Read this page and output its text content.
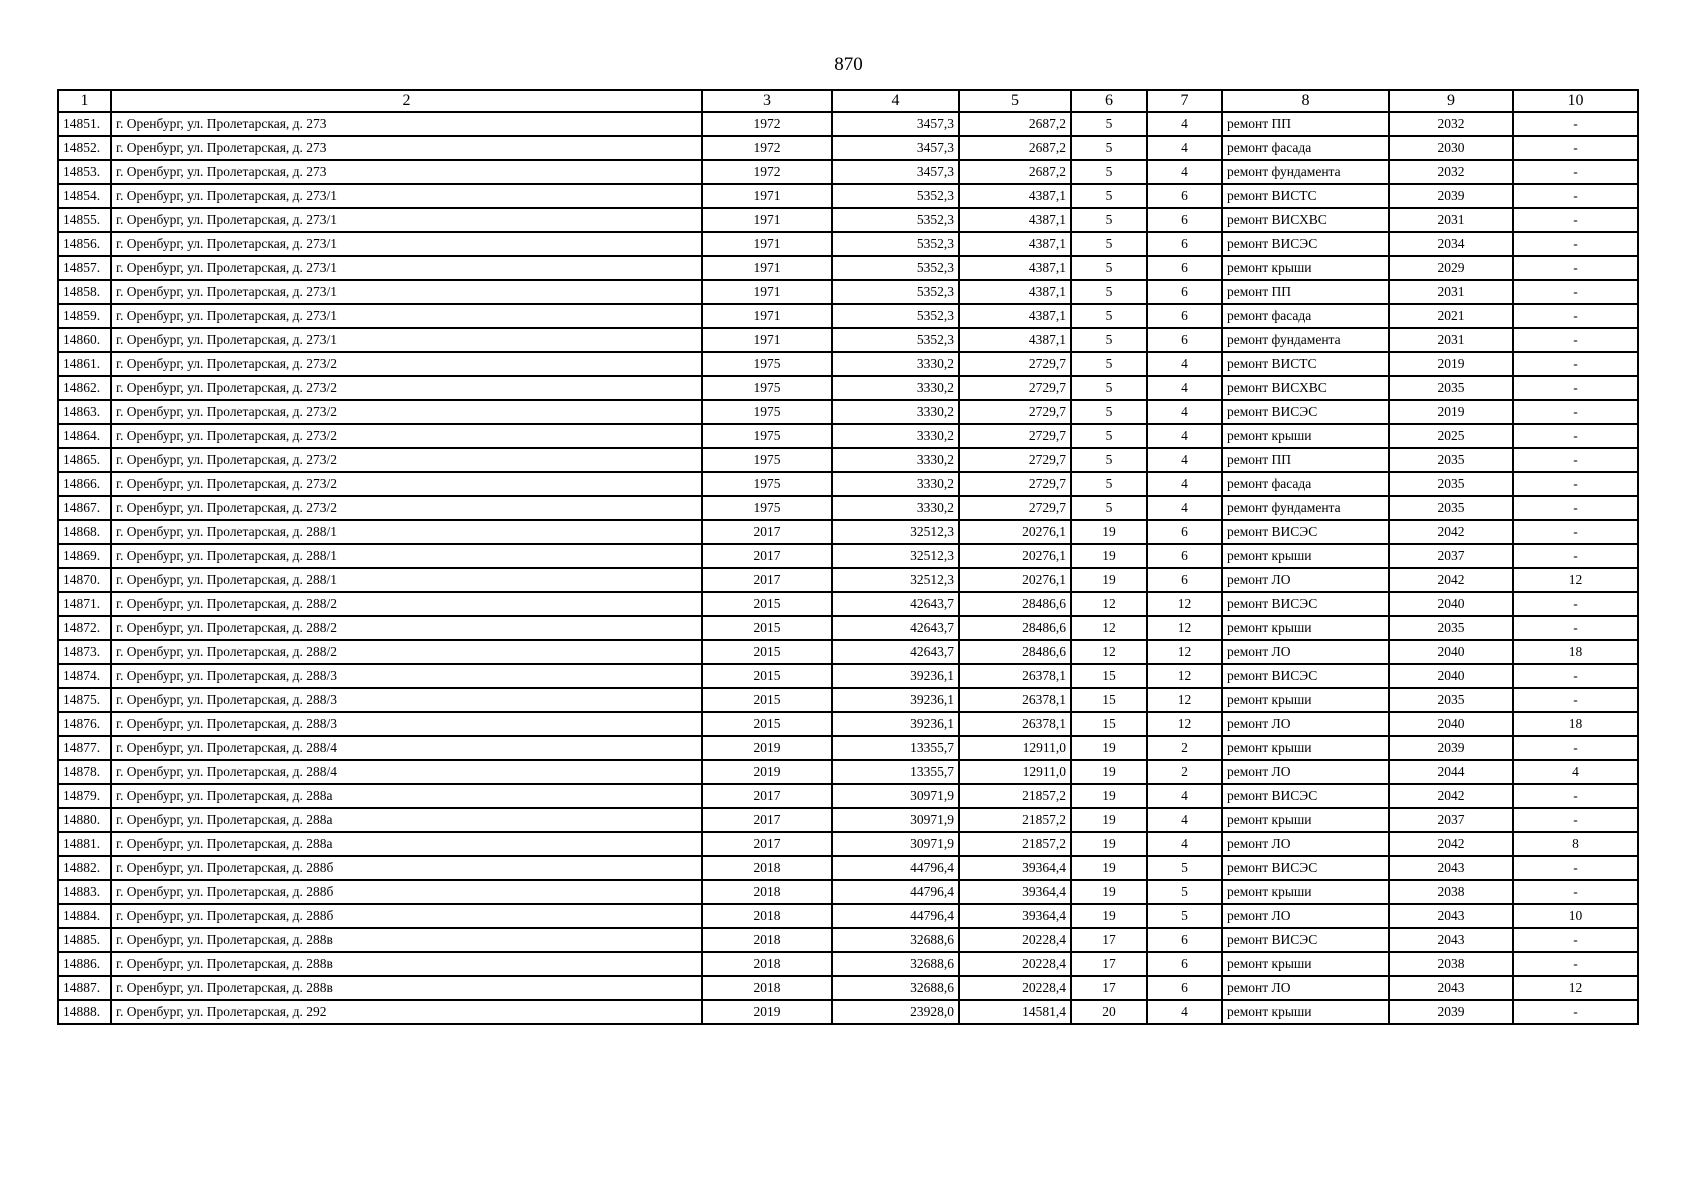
870
1	2	3	4	5	6	7	8	9	10
14851.	г. Оренбург, ул. Пролетарская, д. 273	1972	3457,3	2687,2	5	4	ремонт ПП	2032	-
14852.	г. Оренбург, ул. Пролетарская, д. 273	1972	3457,3	2687,2	5	4	ремонт фасада	2030	-
14853.	г. Оренбург, ул. Пролетарская, д. 273	1972	3457,3	2687,2	5	4	ремонт фундамента	2032	-
14854.	г. Оренбург, ул. Пролетарская, д. 273/1	1971	5352,3	4387,1	5	6	ремонт ВИСТС	2039	-
14855.	г. Оренбург, ул. Пролетарская, д. 273/1	1971	5352,3	4387,1	5	6	ремонт ВИСХВС	2031	-
14856.	г. Оренбург, ул. Пролетарская, д. 273/1	1971	5352,3	4387,1	5	6	ремонт ВИСЭС	2034	-
14857.	г. Оренбург, ул. Пролетарская, д. 273/1	1971	5352,3	4387,1	5	6	ремонт крыши	2029	-
14858.	г. Оренбург, ул. Пролетарская, д. 273/1	1971	5352,3	4387,1	5	6	ремонт ПП	2031	-
14859.	г. Оренбург, ул. Пролетарская, д. 273/1	1971	5352,3	4387,1	5	6	ремонт фасада	2021	-
14860.	г. Оренбург, ул. Пролетарская, д. 273/1	1971	5352,3	4387,1	5	6	ремонт фундамента	2031	-
14861.	г. Оренбург, ул. Пролетарская, д. 273/2	1975	3330,2	2729,7	5	4	ремонт ВИСТС	2019	-
14862.	г. Оренбург, ул. Пролетарская, д. 273/2	1975	3330,2	2729,7	5	4	ремонт ВИСХВС	2035	-
14863.	г. Оренбург, ул. Пролетарская, д. 273/2	1975	3330,2	2729,7	5	4	ремонт ВИСЭС	2019	-
14864.	г. Оренбург, ул. Пролетарская, д. 273/2	1975	3330,2	2729,7	5	4	ремонт крыши	2025	-
14865.	г. Оренбург, ул. Пролетарская, д. 273/2	1975	3330,2	2729,7	5	4	ремонт ПП	2035	-
14866.	г. Оренбург, ул. Пролетарская, д. 273/2	1975	3330,2	2729,7	5	4	ремонт фасада	2035	-
14867.	г. Оренбург, ул. Пролетарская, д. 273/2	1975	3330,2	2729,7	5	4	ремонт фундамента	2035	-
14868.	г. Оренбург, ул. Пролетарская, д. 288/1	2017	32512,3	20276,1	19	6	ремонт ВИСЭС	2042	-
14869.	г. Оренбург, ул. Пролетарская, д. 288/1	2017	32512,3	20276,1	19	6	ремонт крыши	2037	-
14870.	г. Оренбург, ул. Пролетарская, д. 288/1	2017	32512,3	20276,1	19	6	ремонт ЛО	2042	12
14871.	г. Оренбург, ул. Пролетарская, д. 288/2	2015	42643,7	28486,6	12	12	ремонт ВИСЭС	2040	-
14872.	г. Оренбург, ул. Пролетарская, д. 288/2	2015	42643,7	28486,6	12	12	ремонт крыши	2035	-
14873.	г. Оренбург, ул. Пролетарская, д. 288/2	2015	42643,7	28486,6	12	12	ремонт ЛО	2040	18
14874.	г. Оренбург, ул. Пролетарская, д. 288/3	2015	39236,1	26378,1	15	12	ремонт ВИСЭС	2040	-
14875.	г. Оренбург, ул. Пролетарская, д. 288/3	2015	39236,1	26378,1	15	12	ремонт крыши	2035	-
14876.	г. Оренбург, ул. Пролетарская, д. 288/3	2015	39236,1	26378,1	15	12	ремонт ЛО	2040	18
14877.	г. Оренбург, ул. Пролетарская, д. 288/4	2019	13355,7	12911,0	19	2	ремонт крыши	2039	-
14878.	г. Оренбург, ул. Пролетарская, д. 288/4	2019	13355,7	12911,0	19	2	ремонт ЛО	2044	4
14879.	г. Оренбург, ул. Пролетарская, д. 288а	2017	30971,9	21857,2	19	4	ремонт ВИСЭС	2042	-
14880.	г. Оренбург, ул. Пролетарская, д. 288а	2017	30971,9	21857,2	19	4	ремонт крыши	2037	-
14881.	г. Оренбург, ул. Пролетарская, д. 288а	2017	30971,9	21857,2	19	4	ремонт ЛО	2042	8
14882.	г. Оренбург, ул. Пролетарская, д. 288б	2018	44796,4	39364,4	19	5	ремонт ВИСЭС	2043	-
14883.	г. Оренбург, ул. Пролетарская, д. 288б	2018	44796,4	39364,4	19	5	ремонт крыши	2038	-
14884.	г. Оренбург, ул. Пролетарская, д. 288б	2018	44796,4	39364,4	19	5	ремонт ЛО	2043	10
14885.	г. Оренбург, ул. Пролетарская, д. 288в	2018	32688,6	20228,4	17	6	ремонт ВИСЭС	2043	-
14886.	г. Оренбург, ул. Пролетарская, д. 288в	2018	32688,6	20228,4	17	6	ремонт крыши	2038	-
14887.	г. Оренбург, ул. Пролетарская, д. 288в	2018	32688,6	20228,4	17	6	ремонт ЛО	2043	12
14888.	г. Оренбург, ул. Пролетарская, д. 292	2019	23928,0	14581,4	20	4	ремонт крыши	2039	-
